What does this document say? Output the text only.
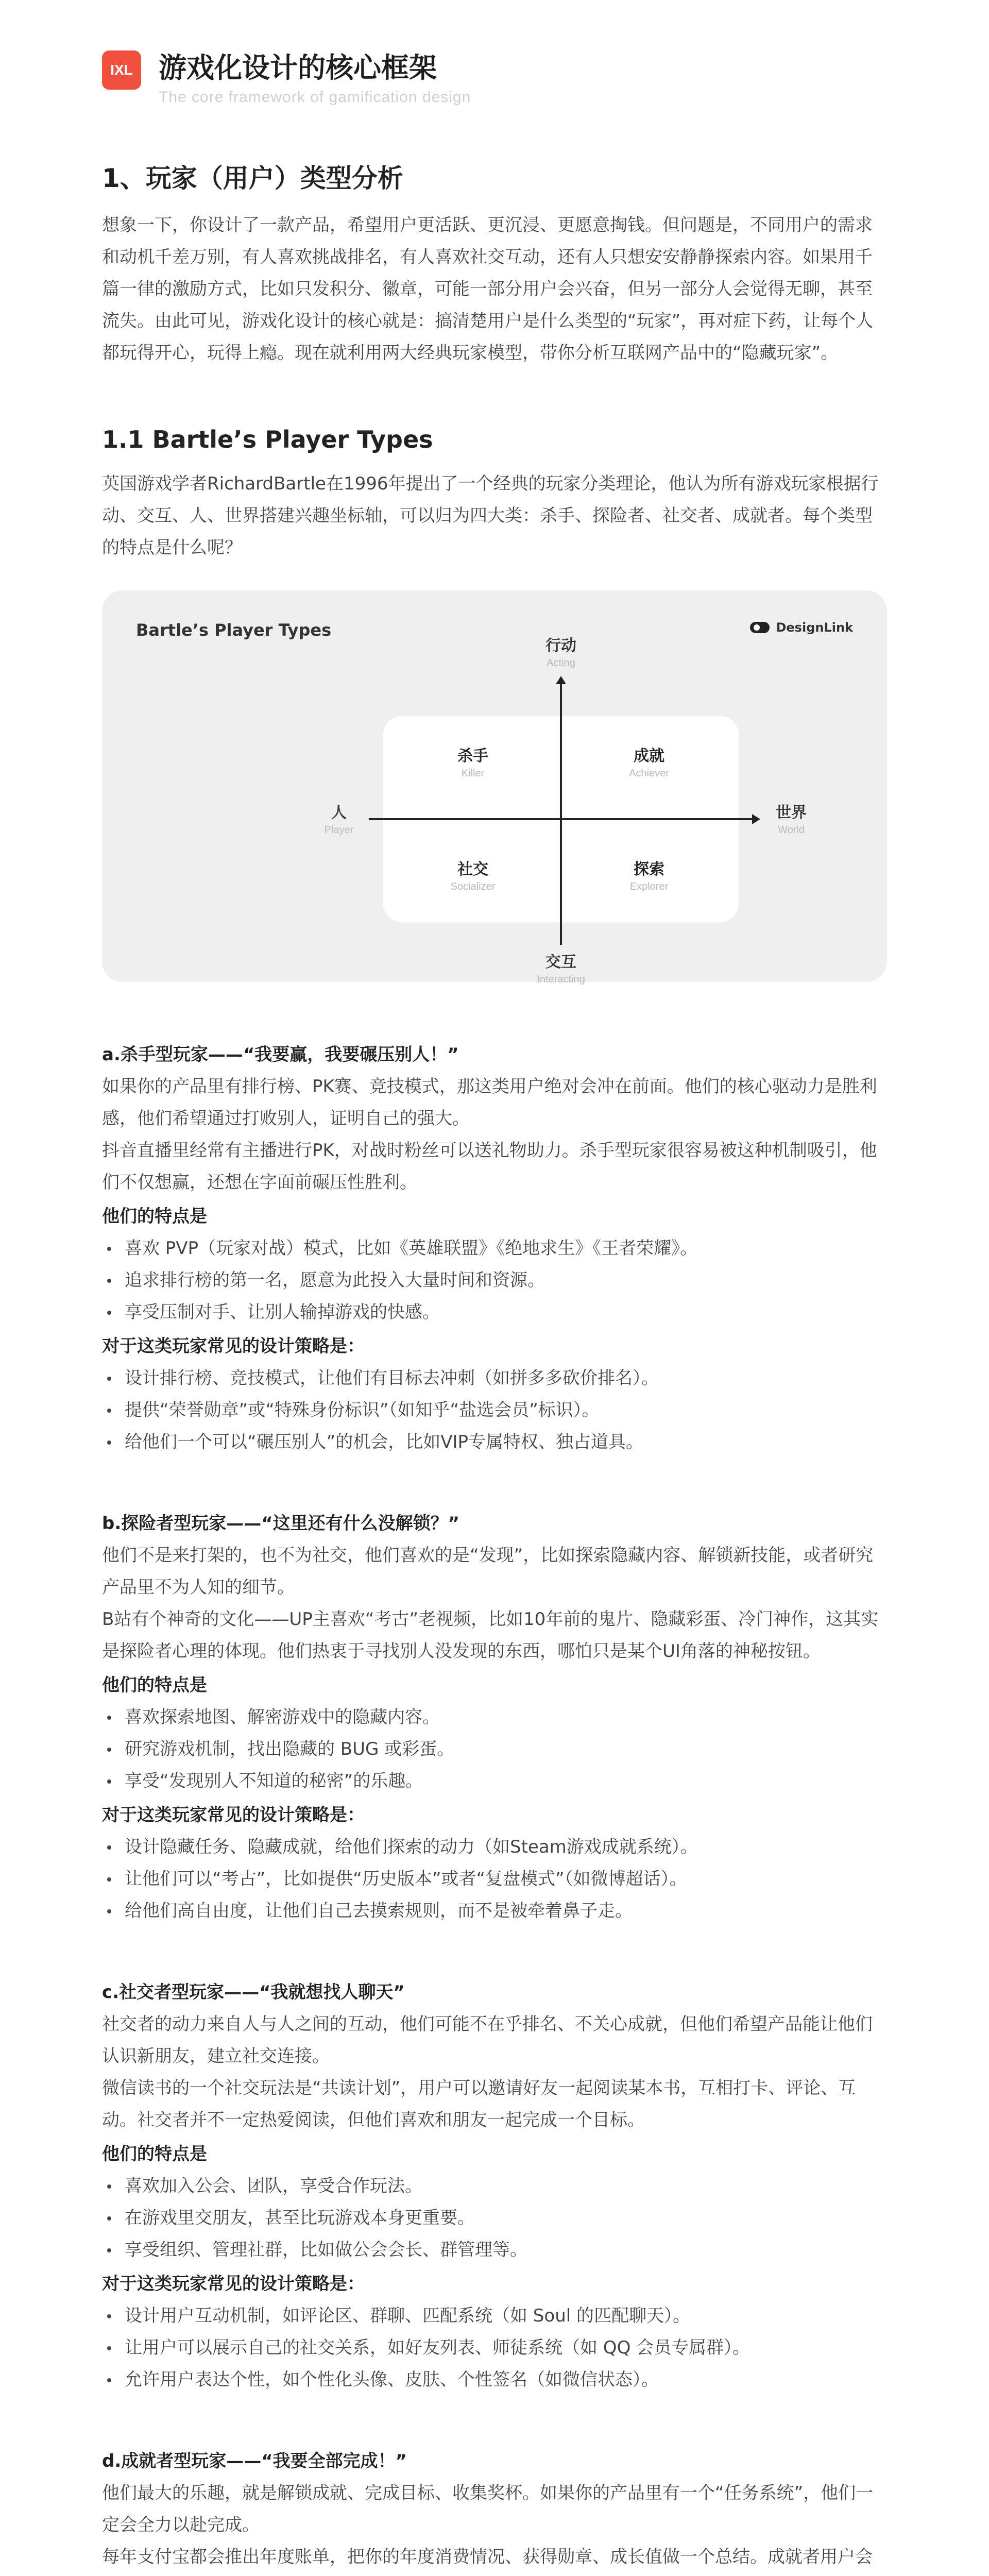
IXL 游戏化设计的核心框架
The core framework of gamification design
1、玩家（用户）类型分析

想象一下，你设计了一款产品，希望用户更活跃、更沉浸、更愿意掏钱。但问题是，不同用户的需求和动机千差万别，有人喜欢挑战排名，有人喜欢社交互动，还有人只想安安静静探索内容。如果用千篇一律的激励方式，比如只发积分、徽章，可能一部分用户会兴奋，但另一部分人会觉得无聊，甚至流失。由此可见，游戏化设计的核心就是：搞清楚用户是什么类型的“玩家”，再对症下药，让每个人都玩得开心，玩得上瘾。现在就利用两大经典玩家模型，带你分析互联网产品中的“隐藏玩家”。

1.1 Bartle’s Player Types

英国游戏学者RichardBartle在1996年提出了一个经典的玩家分类理论，他认为所有游戏玩家根据行动、交互、人、世界搭建兴趣坐标轴，可以归为四大类：杀手、探险者、社交者、成就者。每个类型的特点是什么呢？

Bartle’s Player Types	DesignLink
行动
Acting
交互
Interacting
人
Player
世界
World
杀手
Killer
成就
Achiever
社交
Socializer
探索
Explorer
a.杀手型玩家——“我要赢，我要碾压别人！”

如果你的产品里有排行榜、PK赛、竞技模式，那这类用户绝对会冲在前面。他们的核心驱动力是胜利感，他们希望通过打败别人，证明自己的强大。

抖音直播里经常有主播进行PK，对战时粉丝可以送礼物助力。杀手型玩家很容易被这种机制吸引，他们不仅想赢，还想在字面前碾压性胜利。

他们的特点是
喜欢 PVP（玩家对战）模式，比如《英雄联盟》《绝地求生》《王者荣耀》。
追求排行榜的第一名，愿意为此投入大量时间和资源。
享受压制对手、让别人输掉游戏的快感。
对于这类玩家常见的设计策略是：
设计排行榜、竞技模式，让他们有目标去冲刺（如拼多多砍价排名）。
提供“荣誉勋章”或“特殊身份标识”（如知乎“盐选会员”标识）。
给他们一个可以“碾压别人”的机会，比如VIP专属特权、独占道具。
b.探险者型玩家——“这里还有什么没解锁？”

他们不是来打架的，也不为社交，他们喜欢的是“发现”，比如探索隐藏内容、解锁新技能，或者研究产品里不为人知的细节。

B站有个神奇的文化——UP主喜欢“考古”老视频，比如10年前的鬼片、隐藏彩蛋、冷门神作，这其实是探险者心理的体现。他们热衷于寻找别人没发现的东西，哪怕只是某个UI角落的神秘按钮。

他们的特点是
喜欢探索地图、解密游戏中的隐藏内容。
研究游戏机制，找出隐藏的 BUG 或彩蛋。
享受“发现别人不知道的秘密”的乐趣。
对于这类玩家常见的设计策略是：
设计隐藏任务、隐藏成就，给他们探索的动力（如Steam游戏成就系统）。
让他们可以“考古”，比如提供“历史版本”或者“复盘模式”（如微博超话）。
给他们高自由度，让他们自己去摸索规则，而不是被牵着鼻子走。
c.社交者型玩家——“我就想找人聊天”

社交者的动力来自人与人之间的互动，他们可能不在乎排名、不关心成就，但他们希望产品能让他们认识新朋友，建立社交连接。

微信读书的一个社交玩法是“共读计划”，用户可以邀请好友一起阅读某本书，互相打卡、评论、互动。社交者并不一定热爱阅读，但他们喜欢和朋友一起完成一个目标。

他们的特点是
喜欢加入公会、团队，享受合作玩法。
在游戏里交朋友，甚至比玩游戏本身更重要。
享受组织、管理社群，比如做公会会长、群管理等。
对于这类玩家常见的设计策略是：
设计用户互动机制，如评论区、群聊、匹配系统（如 Soul 的匹配聊天）。
让用户可以展示自己的社交关系，如好友列表、师徒系统（如 QQ 会员专属群）。
允许用户表达个性，如个性化头像、皮肤、个性签名（如微信状态）。
d.成就者型玩家——“我要全部完成！”

他们最大的乐趣，就是解锁成就、完成目标、收集奖杯。如果你的产品里有一个“任务系统”，他们一定会全力以赴完成。

每年支付宝都会推出年度账单，把你的年度消费情况、获得勋章、成长值做一个总结。成就者用户会
